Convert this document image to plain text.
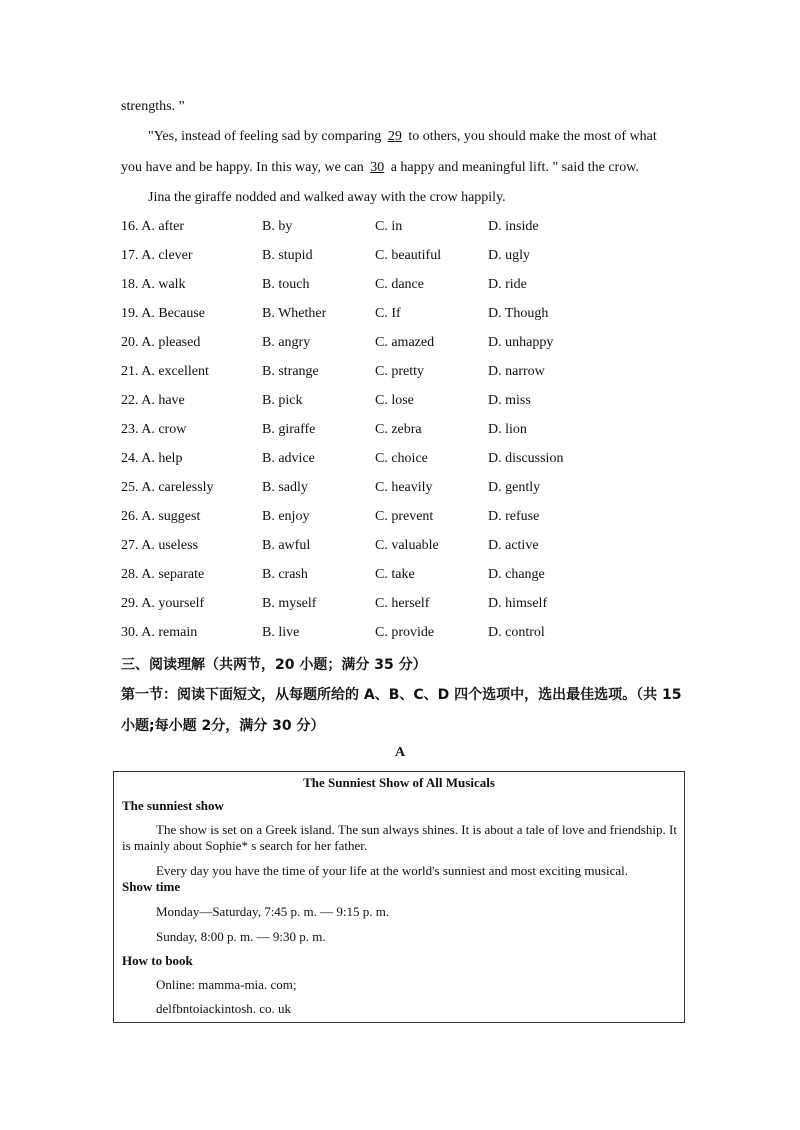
strengths. ”
"Yes, instead of feeling sad by comparing 29 to others, you should make the most of what
you have and be happy. In this way, we can 30 a happy and meaningful lift. " said the crow.
Jina the giraffe nodded and walked away with the crow happily.
16. A. after	B. by	C. in	D. inside
17. A. clever	B. stupid	C. beautiful	D. ugly
18. A. walk	B. touch	C. dance	D. ride
19. A. Because	B. Whether	C. If	D. Though
20. A. pleased	B. angry	C. amazed	D. unhappy
21. A. excellent	B. strange	C. pretty	D. narrow
22. A. have	B. pick	C. lose	D. miss
23. A. crow	B. giraffe	C. zebra	D. lion
24. A. help	B. advice	C. choice	D. discussion
25. A. carelessly	B. sadly	C. heavily	D. gently
26. A. suggest	B. enjoy	C. prevent	D. refuse
27. A. useless	B. awful	C. valuable	D. active
28. A. separate	B. crash	C. take	D. change
29. A. yourself	B. myself	C. herself	D. himself
30. A. remain	B. live	C. provide	D. control
三、阅读理解（共两节，20 小题；满分 35 分）
第一节：阅读下面短文，从每题所给的 A、B、C、D 四个选项中，选出最佳选项。（共 15
小题;每小题 2分，满分 30 分）
A
The Sunniest Show of All Musicals
The sunniest show
The show is set on a Greek island. The sun always shines. It is about a tale of love and friendship. It is mainly about Sophie* s search for her father.
Every day you have the time of your life at the world's sunniest and most exciting musical.
Show time
Monday—Saturday, 7:45 p. m. — 9:15 p. m.
Sunday, 8:00 p. m. — 9:30 p. m.
How to book
Online: mamma-mia. com;
delfbntoiackintosh. co. uk
